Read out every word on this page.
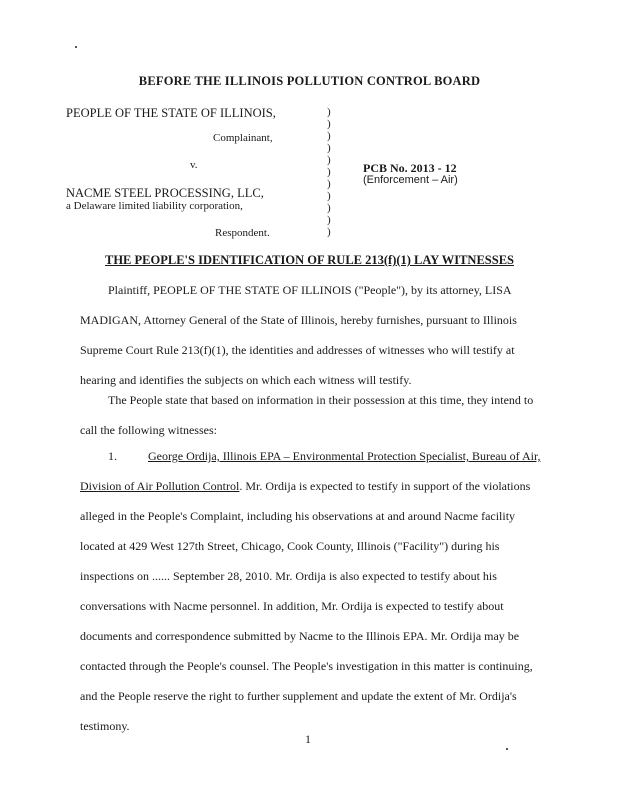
BEFORE THE ILLINOIS POLLUTION CONTROL BOARD
PEOPLE OF THE STATE OF ILLINOIS,
Complainant,
v.
NACME STEEL PROCESSING, LLC,
a Delaware limited liability corporation,
Respondent.
)
)
)
)
)
)
)
)
)
)
)
PCB No. 2013 - 12
(Enforcement – Air)
THE PEOPLE'S IDENTIFICATION OF RULE 213(f)(1) LAY WITNESSES
Plaintiff, PEOPLE OF THE STATE OF ILLINOIS ("People"), by its attorney, LISA
MADIGAN, Attorney General of the State of Illinois, hereby furnishes, pursuant to Illinois
Supreme Court Rule 213(f)(1), the identities and addresses of witnesses who will testify at
hearing and identifies the subjects on which each witness will testify.
The People state that based on information in their possession at this time, they intend to
call the following witnesses:
1.	George Ordija, Illinois EPA – Environmental Protection Specialist, Bureau of Air,
Division of Air Pollution Control. Mr. Ordija is expected to testify in support of the violations
alleged in the People's Complaint, including his observations at and around Nacme facility
located at 429 West 127th Street, Chicago, Cook County, Illinois ("Facility") during his
inspections on ...... September 28, 2010. Mr. Ordija is also expected to testify about his
conversations with Nacme personnel. In addition, Mr. Ordija is expected to testify about
documents and correspondence submitted by Nacme to the Illinois EPA. Mr. Ordija may be
contacted through the People's counsel. The People's investigation in this matter is continuing,
and the People reserve the right to further supplement and update the extent of Mr. Ordija's
testimony.
1
